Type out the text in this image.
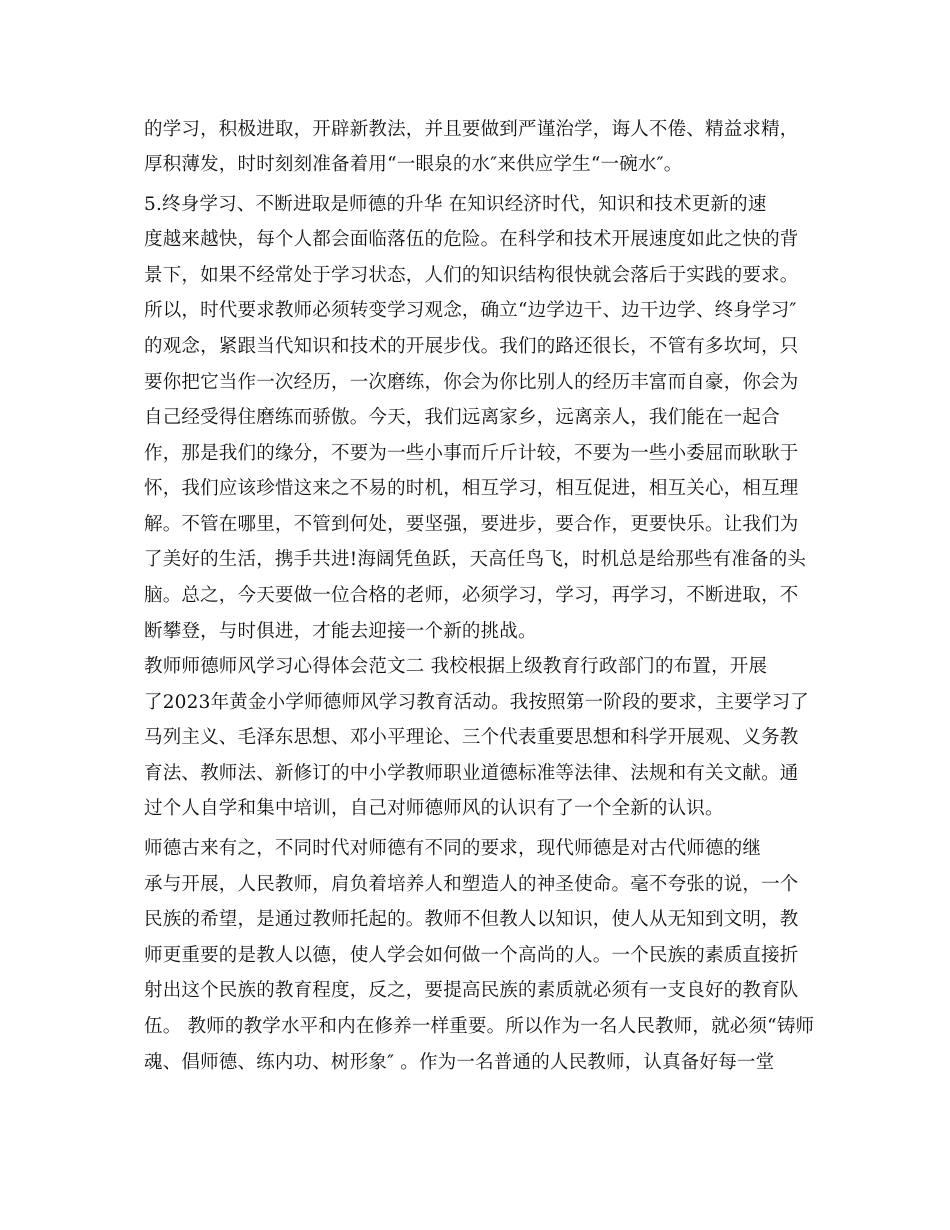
的学习，积极进取，开辟新教法，并且要做到严谨治学，诲人不倦、精益求精，
厚积薄发，时时刻刻准备着用“一眼泉的水″来供应学生“一碗水″。
5.终身学习、不断进取是师德的升华 在知识经济时代，知识和技术更新的速
度越来越快，每个人都会面临落伍的危险。在科学和技术开展速度如此之快的背
景下，如果不经常处于学习状态，人们的知识结构很快就会落后于实践的要求。
所以，时代要求教师必须转变学习观念，确立“边学边干、边干边学、终身学习″
的观念，紧跟当代知识和技术的开展步伐。我们的路还很长，不管有多坎坷，只
要你把它当作一次经历，一次磨练，你会为你比别人的经历丰富而自豪，你会为
自己经受得住磨练而骄傲。今天，我们远离家乡，远离亲人，我们能在一起合
作，那是我们的缘分，不要为一些小事而斤斤计较，不要为一些小委屈而耿耿于
怀，我们应该珍惜这来之不易的时机，相互学习，相互促进，相互关心，相互理
解。不管在哪里，不管到何处，要坚强，要进步，要合作，更要快乐。让我们为
了美好的生活，携手共进!海阔凭鱼跃，天高任鸟飞，时机总是给那些有准备的头
脑。总之，今天要做一位合格的老师，必须学习，学习，再学习，不断进取，不
断攀登，与时俱进，才能去迎接一个新的挑战。
教师师德师风学习心得体会范文二 我校根据上级教育行政部门的布置，开展
了2023年黄金小学师德师风学习教育活动。我按照第一阶段的要求，主要学习了
马列主义、毛泽东思想、邓小平理论、三个代表重要思想和科学开展观、义务教
育法、教师法、新修订的中小学教师职业道德标准等法律、法规和有关文献。通
过个人自学和集中培训，自己对师德师风的认识有了一个全新的认识。
师德古来有之，不同时代对师德有不同的要求，现代师德是对古代师德的继
承与开展，人民教师，肩负着培养人和塑造人的神圣使命。毫不夸张的说，一个
民族的希望，是通过教师托起的。教师不但教人以知识，使人从无知到文明，教
师更重要的是教人以德，使人学会如何做一个高尚的人。一个民族的素质直接折
射出这个民族的教育程度，反之，要提高民族的素质就必须有一支良好的教育队
伍。 教师的教学水平和内在修养一样重要。所以作为一名人民教师，就必须“铸师
魂、倡师德、练内功、树形象″ 。作为一名普通的人民教师，认真备好每一堂
